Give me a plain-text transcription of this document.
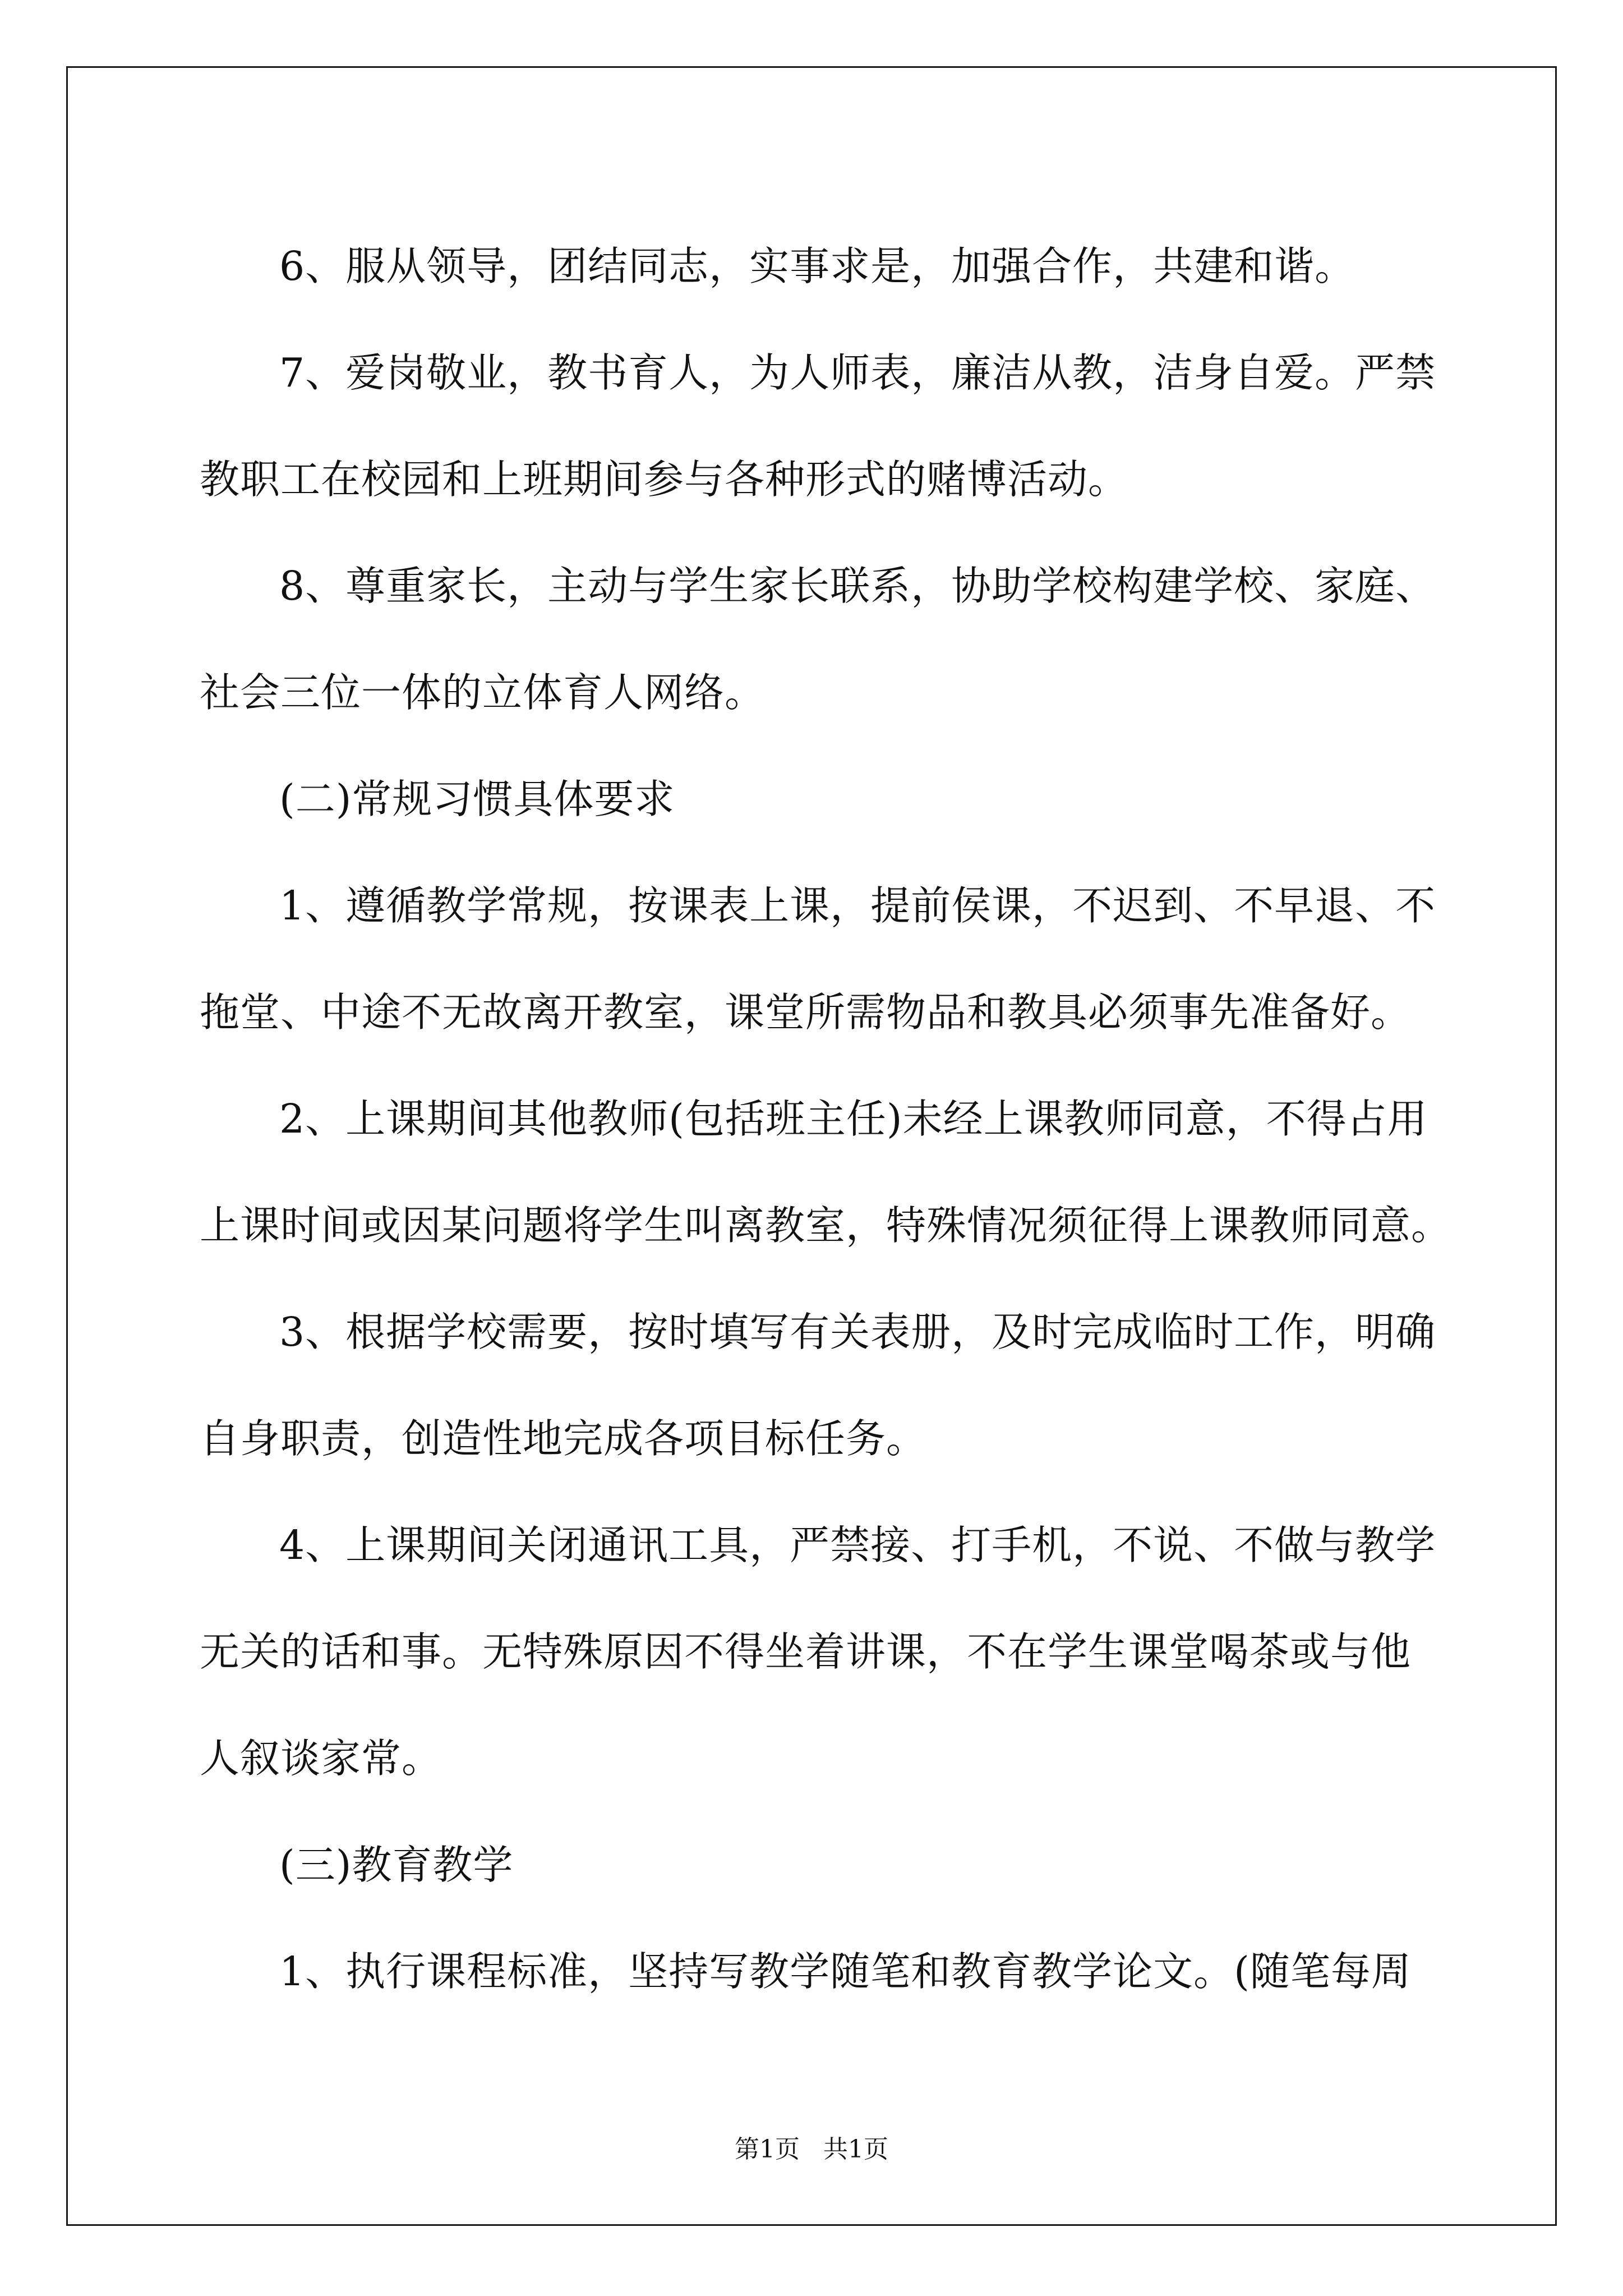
6、服从领导，团结同志，实事求是，加强合作，共建和谐。
7、爱岗敬业，教书育人，为人师表，廉洁从教，洁身自爱。严禁
教职工在校园和上班期间参与各种形式的赌博活动。
8、尊重家长，主动与学生家长联系，协助学校构建学校、家庭、
社会三位一体的立体育人网络。
(二)常规习惯具体要求
1、遵循教学常规，按课表上课，提前侯课，不迟到、不早退、不
拖堂、中途不无故离开教室，课堂所需物品和教具必须事先准备好。
2、上课期间其他教师(包括班主任)未经上课教师同意，不得占用
上课时间或因某问题将学生叫离教室，特殊情况须征得上课教师同意。
3、根据学校需要，按时填写有关表册，及时完成临时工作，明确
自身职责，创造性地完成各项目标任务。
4、上课期间关闭通讯工具，严禁接、打手机，不说、不做与教学
无关的话和事。无特殊原因不得坐着讲课，不在学生课堂喝茶或与他
人叙谈家常。
(三)教育教学
1、执行课程标准，坚持写教学随笔和教育教学论文。(随笔每周
第1页   共1页
